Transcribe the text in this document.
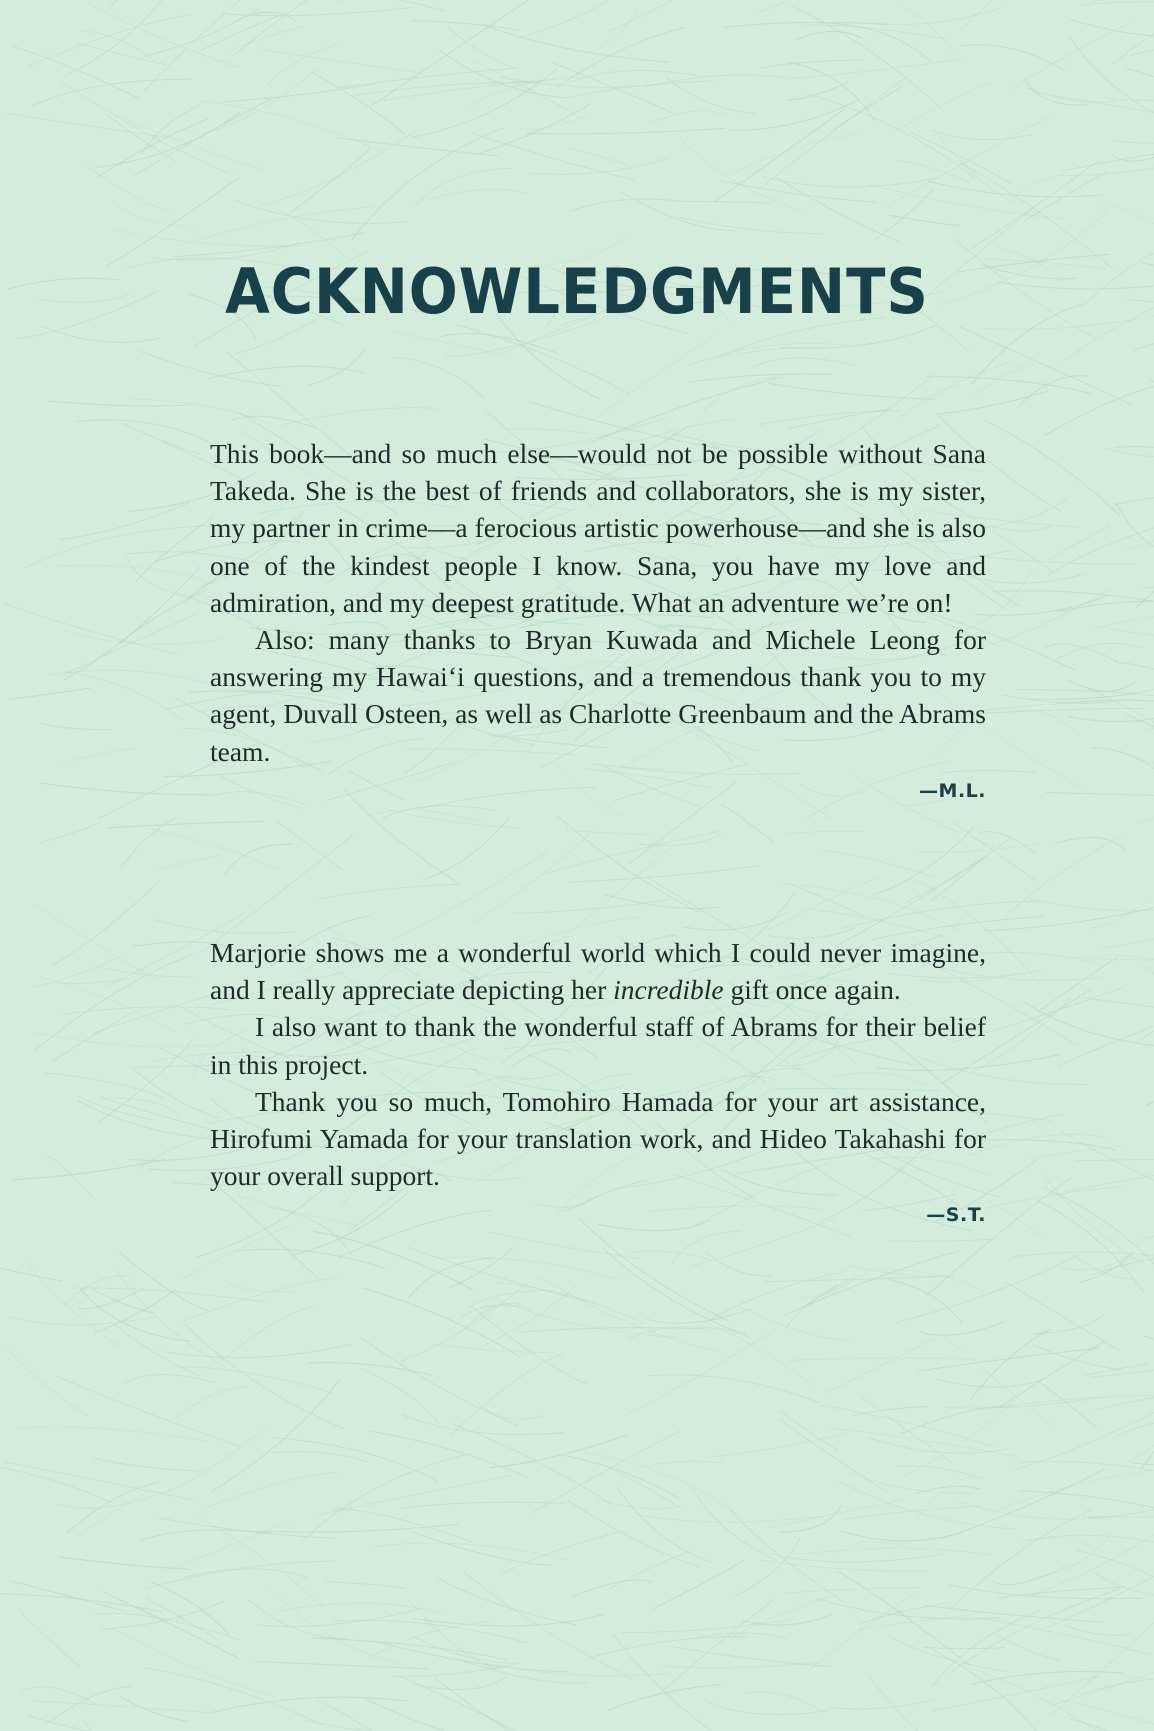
ACKNOWLEDGMENTS

This book—and so much else—would not be possible without Sana Takeda. She is the best of friends and collaborators, she is my sister, my partner in crime—a ferocious artistic powerhouse—and she is also one of the kindest people I know. Sana, you have my love and admiration, and my deepest gratitude. What an adventure we’re on!

Also: many thanks to Bryan Kuwada and Michele Leong for answering my Hawai‘i questions, and a tremendous thank you to my agent, Duvall Osteen, as well as Charlotte Greenbaum and the Abrams team.

—M.L.

Marjorie shows me a wonderful world which I could never imagine, and I really appreciate depicting her incredible gift once again.

I also want to thank the wonderful staff of Abrams for their belief in this project.

Thank you so much, Tomohiro Hamada for your art assistance, Hirofumi Yamada for your translation work, and Hideo Takahashi for your overall support.

—S.T.
